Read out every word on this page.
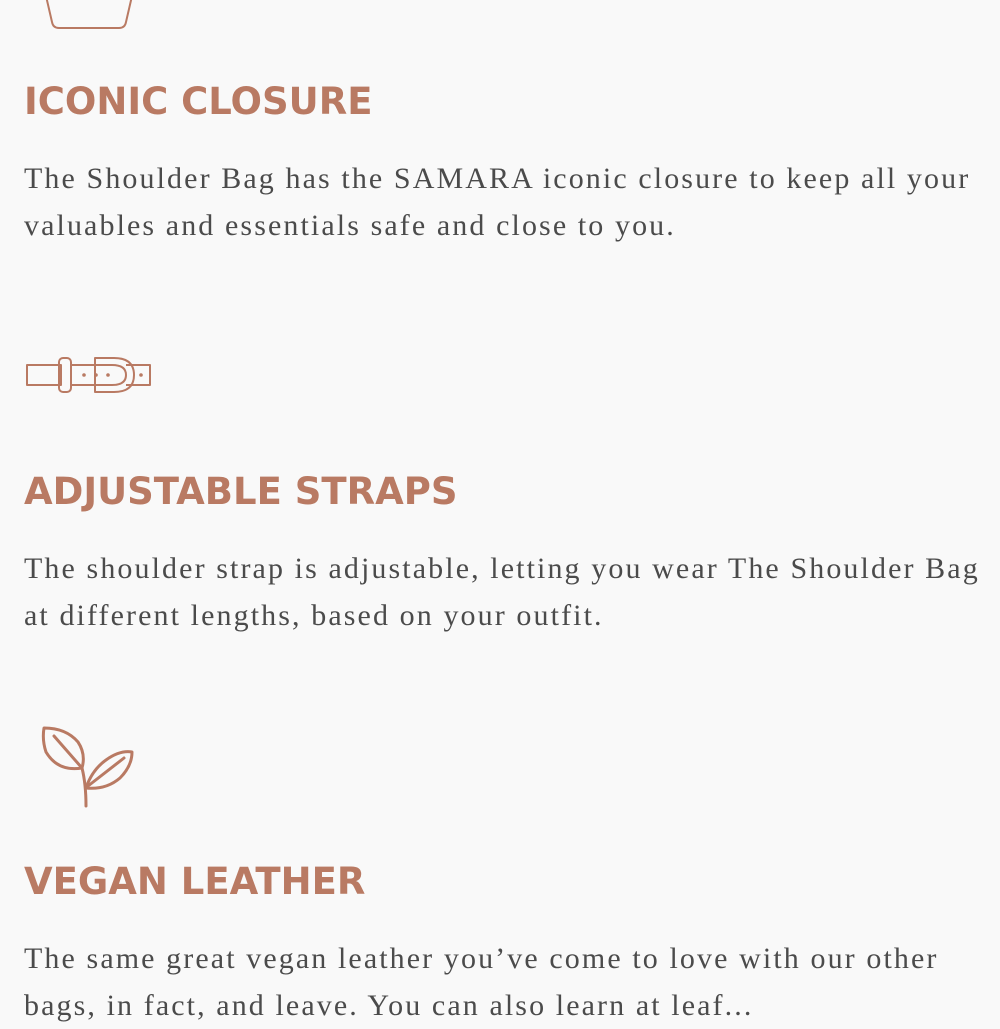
ICONIC CLOSURE

The Shoulder Bag has the SAMARA iconic closure to keep all your valuables and essentials safe and close to you.

ADJUSTABLE STRAPS

The shoulder strap is adjustable, letting you wear The Shoulder Bag at different lengths, based on your outfit.

VEGAN LEATHER

The same great vegan leather you’ve come to love with our other bags, in fact, and leave. You can also learn at leaf...
